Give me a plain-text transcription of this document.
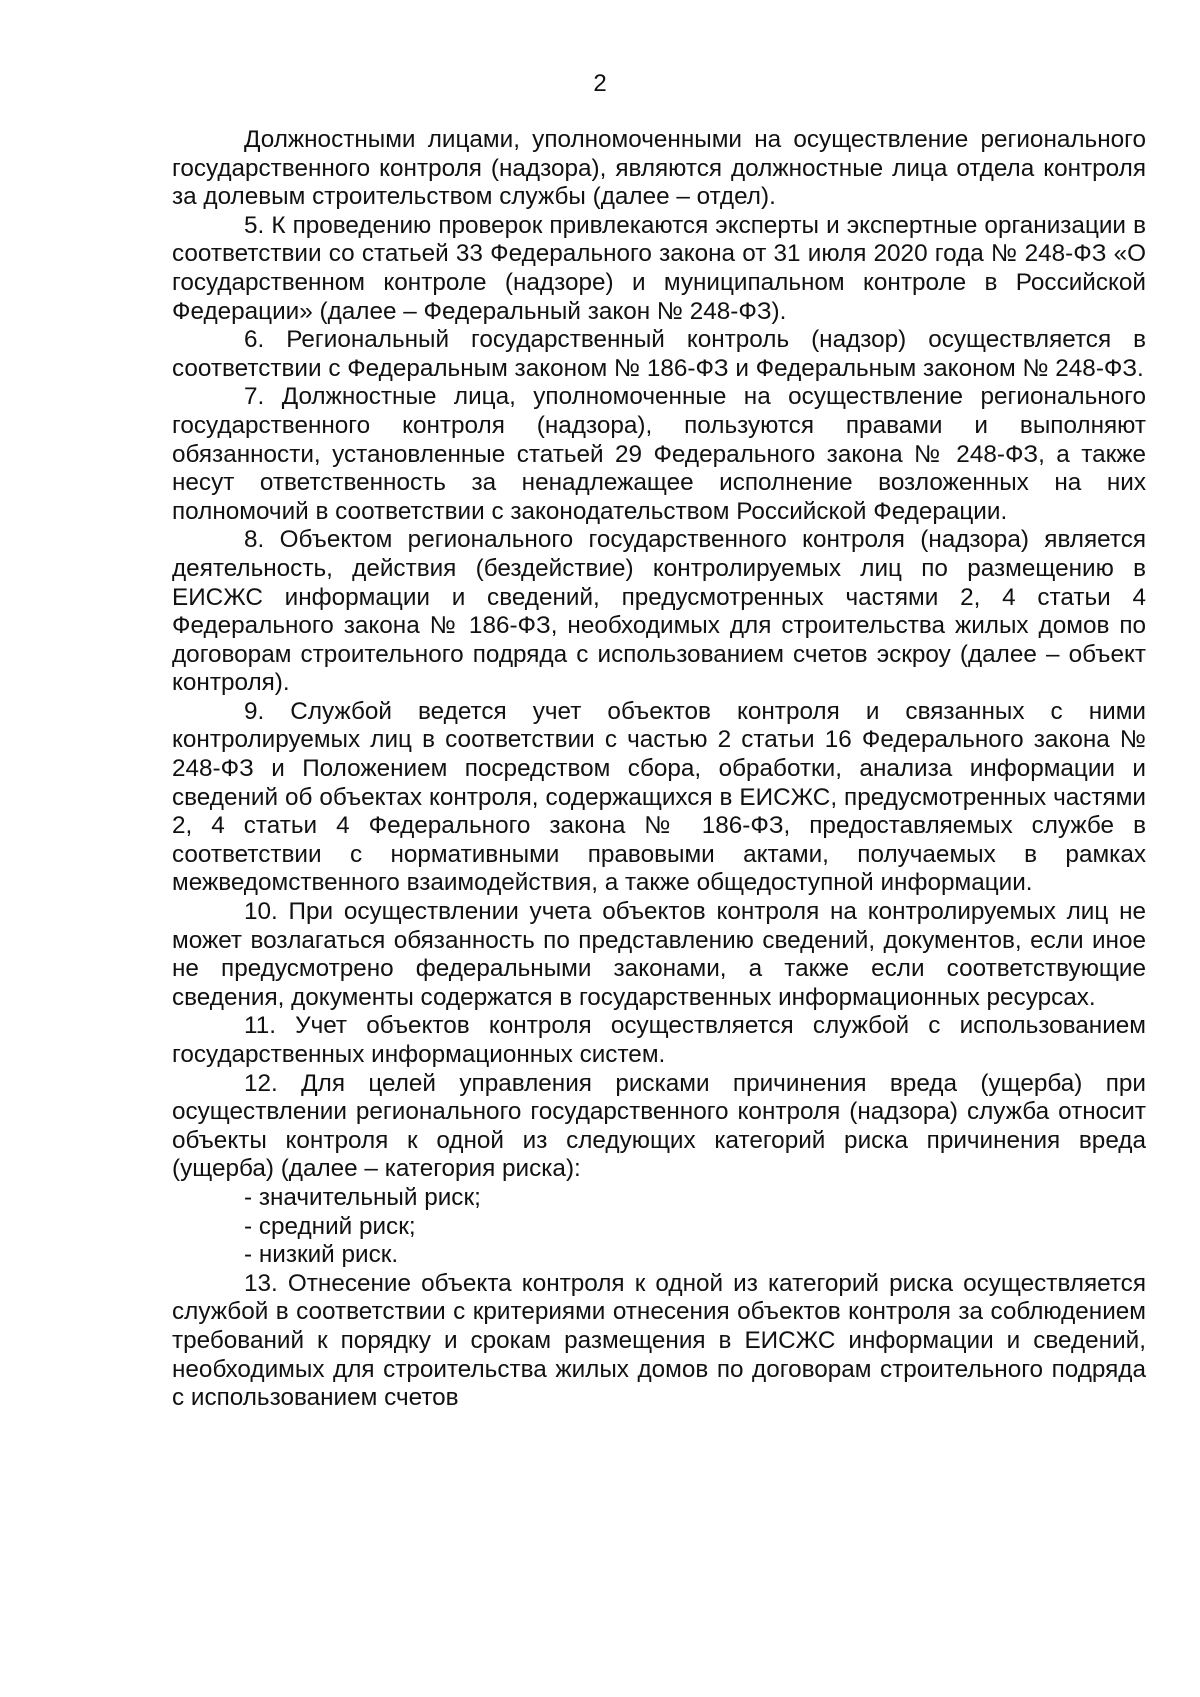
2

Должностными лицами, уполномоченными на осуществление регионального государственного контроля (надзора), являются должностные лица отдела контроля за долевым строительством службы (далее – отдел).

5. К проведению проверок привлекаются эксперты и экспертные организации в соответствии со статьей 33 Федерального закона от 31 июля 2020 года № 248-ФЗ «О государственном контроле (надзоре) и муниципальном контроле в Российской Федерации» (далее – Федеральный закон № 248-ФЗ).

6. Региональный государственный контроль (надзор) осуществляется в соответствии с Федеральным законом № 186-ФЗ и Федеральным законом № 248-ФЗ.

7. Должностные лица, уполномоченные на осуществление регионального государственного контроля (надзора), пользуются правами и выполняют обязанности, установленные статьей 29 Федерального закона № 248-ФЗ, а также несут ответственность за ненадлежащее исполнение возложенных на них полномочий в соответствии с законодательством Российской Федерации.

8. Объектом регионального государственного контроля (надзора) является деятельность, действия (бездействие) контролируемых лиц по размещению в ЕИСЖС информации и сведений, предусмотренных частями 2, 4 статьи 4 Федерального закона № 186-ФЗ, необходимых для строительства жилых домов по договорам строительного подряда с использованием счетов эскроу (далее – объект контроля).

9. Службой ведется учет объектов контроля и связанных с ними контролируемых лиц в соответствии с частью 2 статьи 16 Федерального закона № 248-ФЗ и Положением посредством сбора, обработки, анализа информации и сведений об объектах контроля, содержащихся в ЕИСЖС, предусмотренных частями 2, 4 статьи 4 Федерального закона № 186-ФЗ, предоставляемых службе в соответствии с нормативными правовыми актами, получаемых в рамках межведомственного взаимодействия, а также общедоступной информации.

10. При осуществлении учета объектов контроля на контролируемых лиц не может возлагаться обязанность по представлению сведений, документов, если иное не предусмотрено федеральными законами, а также если соответствующие сведения, документы содержатся в государственных информационных ресурсах.

11. Учет объектов контроля осуществляется службой с использованием государственных информационных систем.

12. Для целей управления рисками причинения вреда (ущерба) при осуществлении регионального государственного контроля (надзора) служба относит объекты контроля к одной из следующих категорий риска причинения вреда (ущерба) (далее – категория риска):

- значительный риск;

- средний риск;

- низкий риск.

13. Отнесение объекта контроля к одной из категорий риска осуществляется службой в соответствии с критериями отнесения объектов контроля за соблюдением требований к порядку и срокам размещения в ЕИСЖС информации и сведений, необходимых для строительства жилых домов по договорам строительного подряда с использованием счетов
